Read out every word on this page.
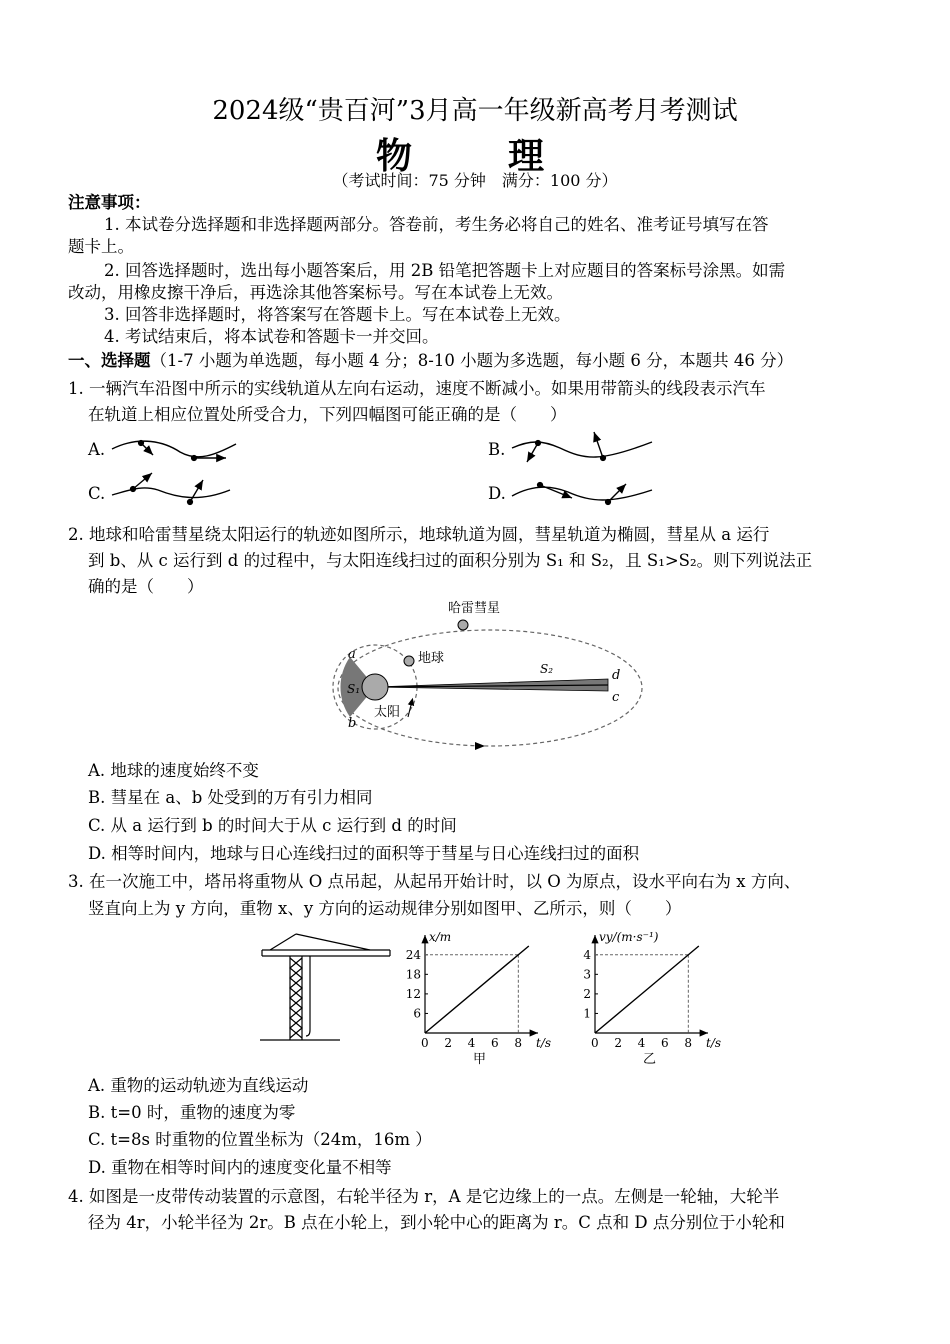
2024级“贵百河”3月高一年级新高考月考测试
物　理
（考试时间：75 分钟　满分：100 分）
注意事项：
1. 本试卷分选择题和非选择题两部分。答卷前，考生务必将自己的姓名、准考证号填写在答
题卡上。
2. 回答选择题时，选出每小题答案后，用 2B 铅笔把答题卡上对应题目的答案标号涂黑。如需
改动，用橡皮擦干净后，再选涂其他答案标号。写在本试卷上无效。
3. 回答非选择题时，将答案写在答题卡上。写在本试卷上无效。
4. 考试结束后，将本试卷和答题卡一并交回。
一、选择题（1-7 小题为单选题，每小题 4 分；8-10 小题为多选题，每小题 6 分，本题共 46 分）
1. 一辆汽车沿图中所示的实线轨道从左向右运动，速度不断减小。如果用带箭头的线段表示汽车
在轨道上相应位置处所受合力，下列四幅图可能正确的是（　　）
A.	B.
C.	D.
2. 地球和哈雷彗星绕太阳运行的轨迹如图所示，地球轨道为圆，彗星轨道为椭圆，彗星从 a 运行
到 b、从 c 运行到 d 的过程中，与太阳连线扫过的面积分别为 S₁ 和 S₂，且 S₁>S₂。则下列说法正
确的是（　　）
哈雷彗星
地球
太阳
a
b
c
d
S₁
S₂
A. 地球的速度始终不变
B. 彗星在 a、b 处受到的万有引力相同
C. 从 a 运行到 b 的时间大于从 c 运行到 d 的时间
D. 相等时间内，地球与日心连线扫过的面积等于彗星与日心连线扫过的面积
3. 在一次施工中，塔吊将重物从 O 点吊起，从起吊开始计时，以 O 为原点，设水平向右为 x 方向、
竖直向上为 y 方向，重物 x、y 方向的运动规律分别如图甲、乙所示，则（　　）
x/m
t/s
甲
0 2 4 6 8
6
12
18
24
vy/(m·s⁻¹)
t/s
乙
0 2 4 6 8
1
2
3
4
A. 重物的运动轨迹为直线运动
B. t=0 时，重物的速度为零
C. t=8s 时重物的位置坐标为（24m，16m ）
D. 重物在相等时间内的速度变化量不相等
4. 如图是一皮带传动装置的示意图，右轮半径为 r，A 是它边缘上的一点。左侧是一轮轴，大轮半
径为 4r，小轮半径为 2r。B 点在小轮上，到小轮中心的距离为 r。C 点和 D 点分别位于小轮和
